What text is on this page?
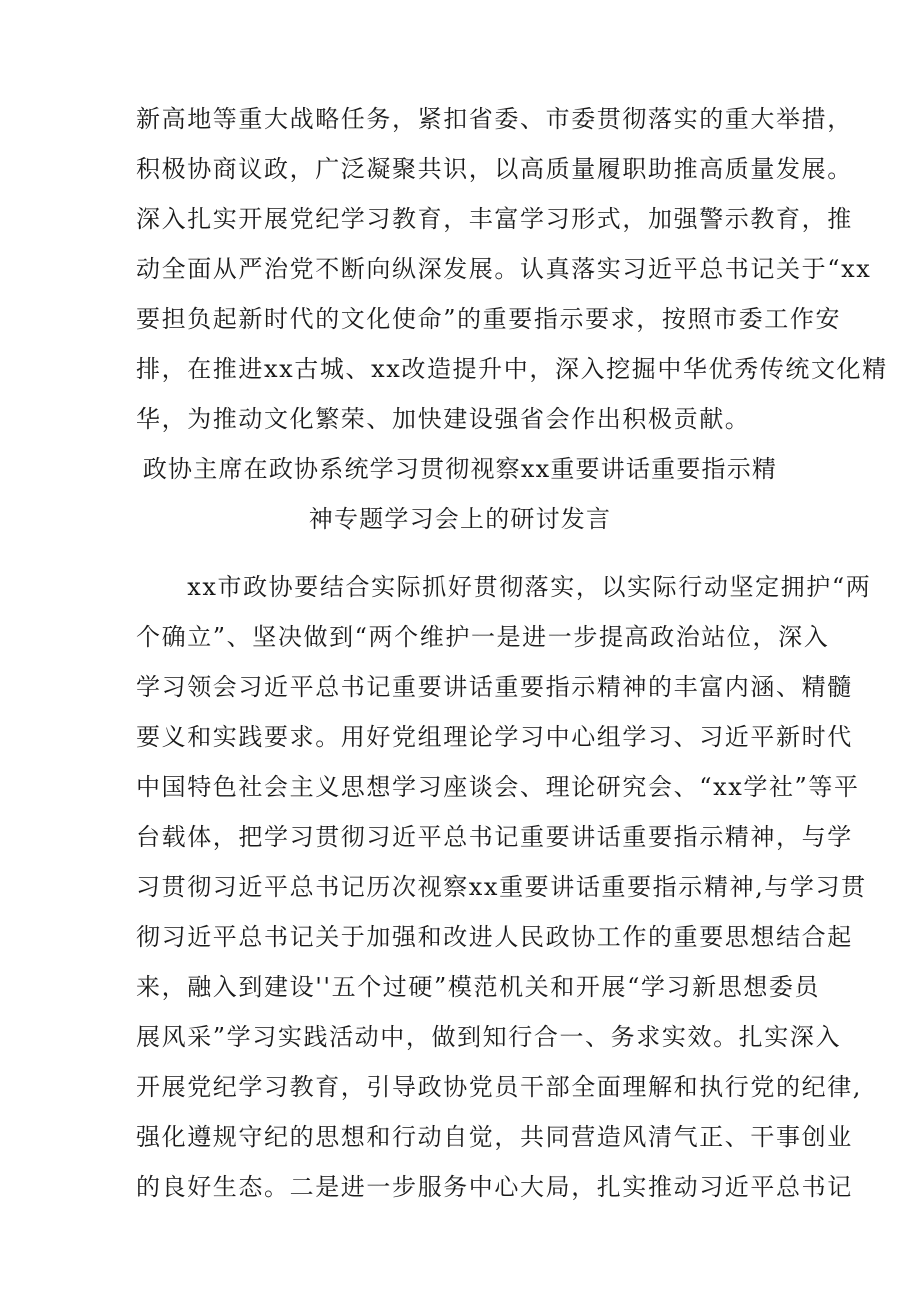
新高地等重大战略任务，紧扣省委、市委贯彻落实的重大举措，
积极协商议政，广泛凝聚共识，以高质量履职助推高质量发展。
深入扎实开展党纪学习教育，丰富学习形式，加强警示教育，推
动全面从严治党不断向纵深发展。认真落实习近平总书记关于“xx
要担负起新时代的文化使命”的重要指示要求，按照市委工作安
排，在推进xx古城、xx改造提升中，深入挖掘中华优秀传统文化精
华，为推动文化繁荣、加快建设强省会作出积极贡献。
政协主席在政协系统学习贯彻视察xx重要讲话重要指示精
神专题学习会上的研讨发言
　　xx市政协要结合实际抓好贯彻落实，以实际行动坚定拥护“两
个确立”、坚决做到“两个维护一是进一步提高政治站位，深入
学习领会习近平总书记重要讲话重要指示精神的丰富内涵、精髓
要义和实践要求。用好党组理论学习中心组学习、习近平新时代
中国特色社会主义思想学习座谈会、理论研究会、“xx学社”等平
台载体，把学习贯彻习近平总书记重要讲话重要指示精神，与学
习贯彻习近平总书记历次视察xx重要讲话重要指示精神,与学习贯
彻习近平总书记关于加强和改进人民政协工作的重要思想结合起
来，融入到建设''五个过硬”模范机关和开展“学习新思想委员
展风采”学习实践活动中，做到知行合一、务求实效。扎实深入
开展党纪学习教育，引导政协党员干部全面理解和执行党的纪律,
强化遵规守纪的思想和行动自觉，共同营造风清气正、干事创业
的良好生态。二是进一步服务中心大局，扎实推动习近平总书记
